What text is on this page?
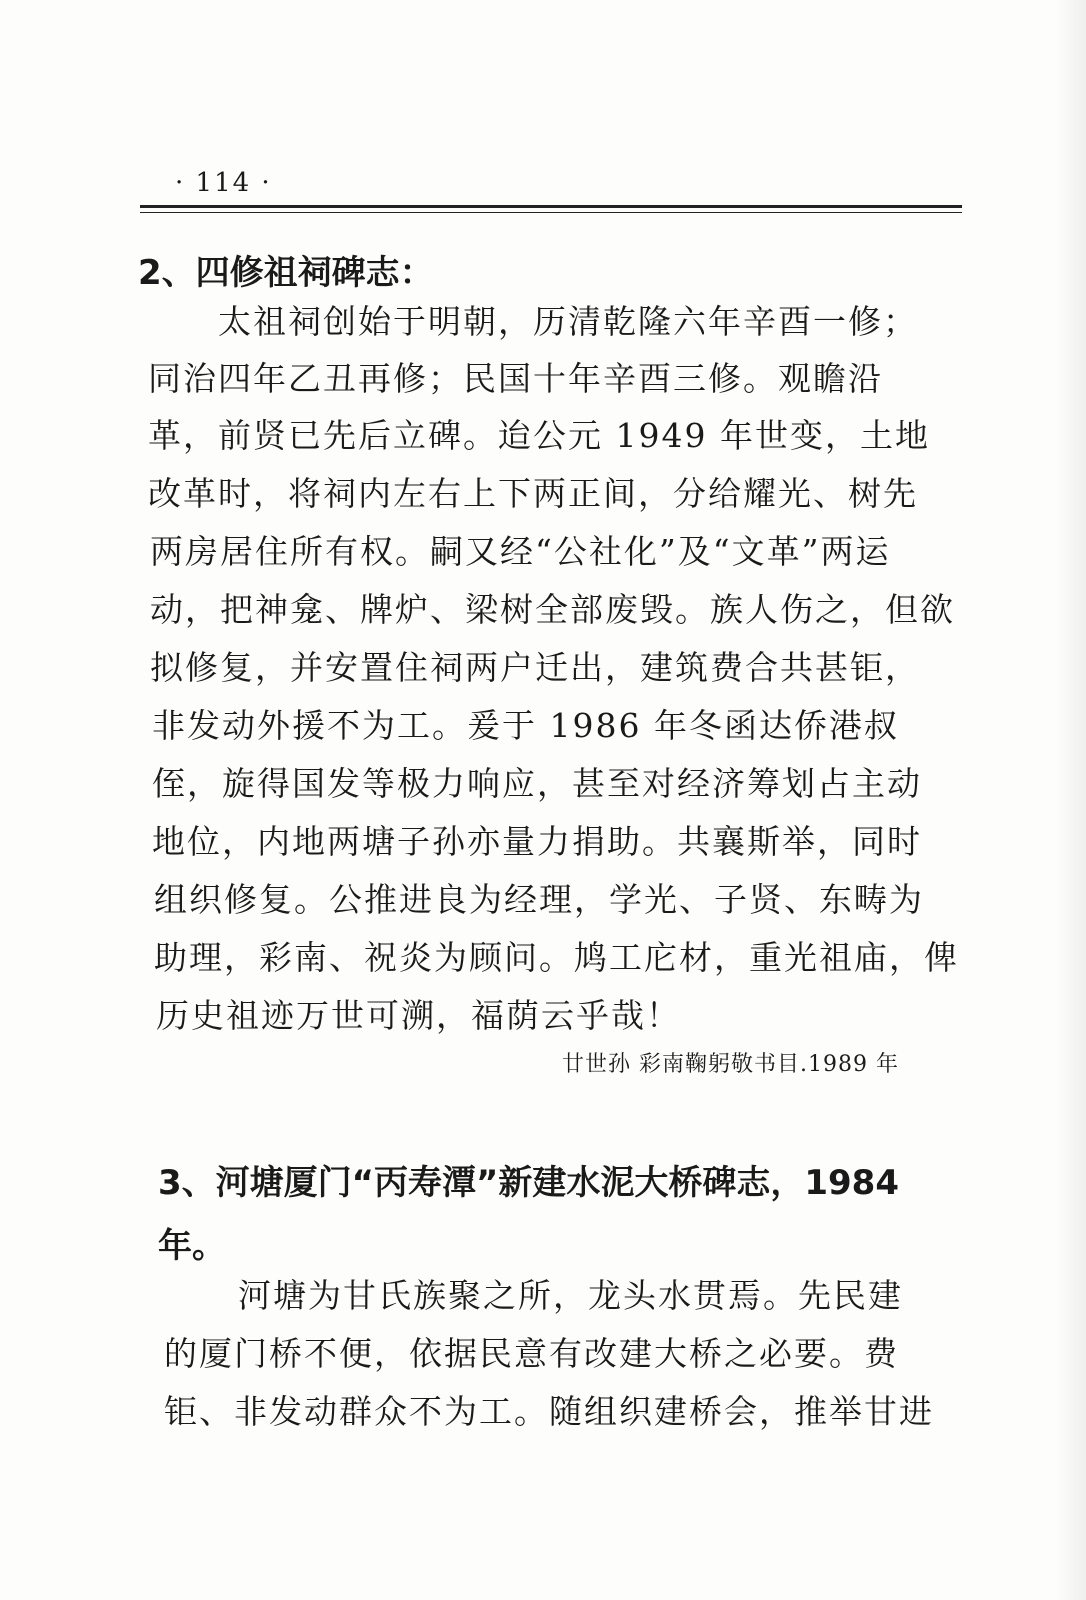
· 114 ·
2、四修祖祠碑志：
太祖祠创始于明朝，历清乾隆六年辛酉一修；
同治四年乙丑再修；民国十年辛酉三修。观瞻沿
革，前贤已先后立碑。迨公元 1949 年世变，土地
改革时，将祠内左右上下两正间，分给耀光、树先
两房居住所有权。嗣又经“公社化”及“文革”两运
动，把神龛、牌炉、梁树全部废毁。族人伤之，但欲
拟修复，并安置住祠两户迁出，建筑费合共甚钜，
非发动外援不为工。爰于 1986 年冬函达侨港叔
侄，旋得国发等极力响应，甚至对经济筹划占主动
地位，内地两塘子孙亦量力捐助。共襄斯举，同时
组织修复。公推进良为经理，学光、子贤、东畴为
助理，彩南、祝炎为顾问。鸠工庀材，重光祖庙，俾
历史祖迹万世可溯，福荫云乎哉！
廿世孙 彩南鞠躬敬书目.1989 年
3、河塘厦门“丙寿潭”新建水泥大桥碑志，1984
年。
河塘为甘氏族聚之所，龙头水贯焉。先民建
的厦门桥不便，依据民意有改建大桥之必要。费
钜、非发动群众不为工。随组织建桥会，推举甘进
